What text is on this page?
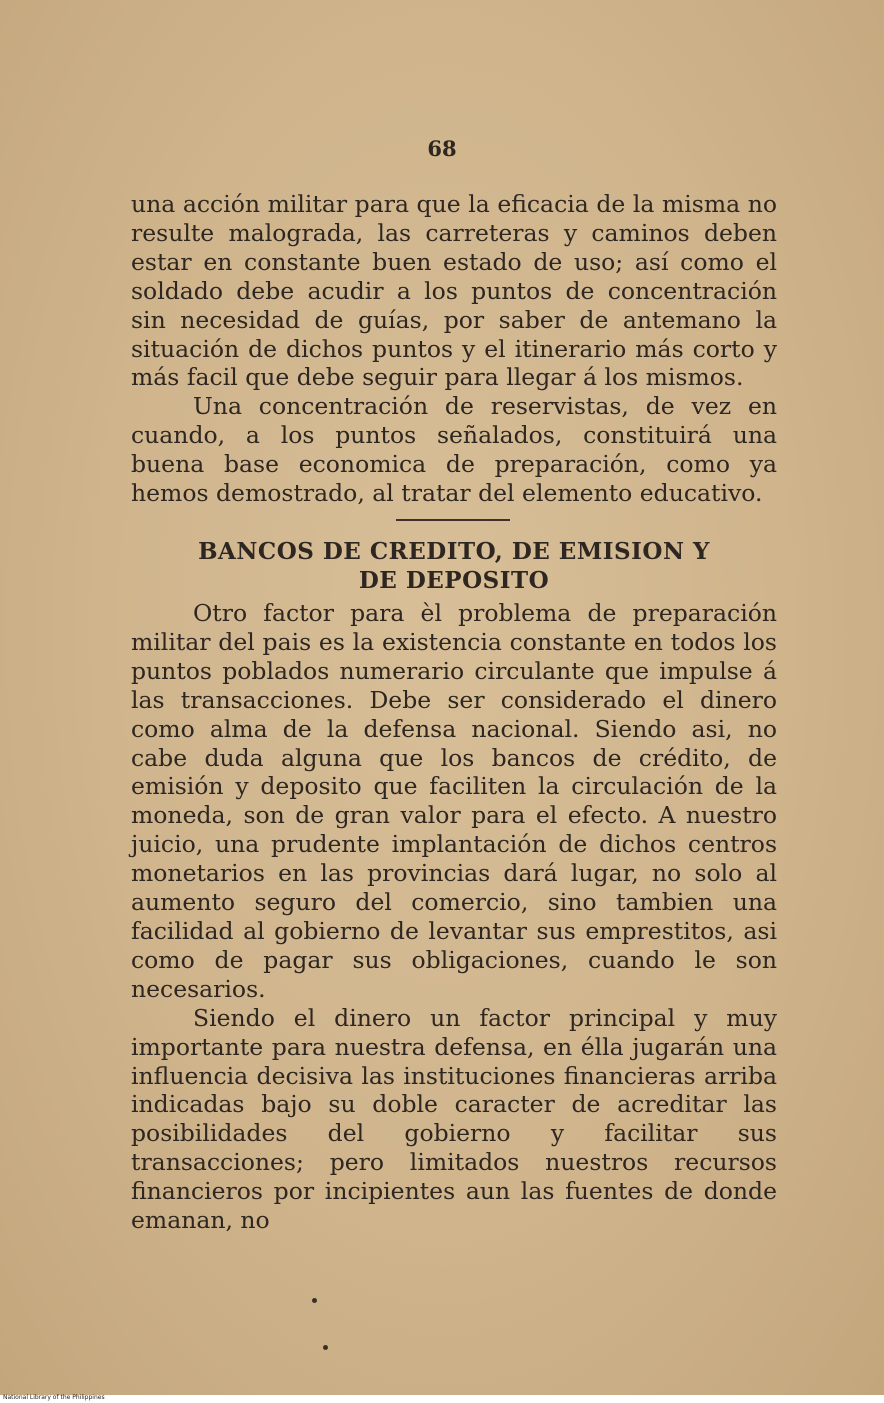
68

una acción militar para que la eficacia de la misma no resulte malograda, las carreteras y caminos deben estar en constante buen estado de uso; así como el soldado debe acudir a los puntos de concentración sin necesidad de guías, por saber de antemano la situación de dichos puntos y el itinerario más corto y más facil que debe seguir para llegar á los mismos.

Una concentración de reservistas, de vez en cuando, a los puntos señalados, constituirá una buena base economica de preparación, como ya hemos demostrado, al tratar del elemento educativo.

BANCOS DE CREDITO, DE EMISION Y
DE DEPOSITO

Otro factor para èl problema de preparación militar del pais es la existencia constante en todos los puntos poblados numerario circulante que impulse á las transacciones. Debe ser considerado el dinero como alma de la defensa nacional. Siendo asi, no cabe duda alguna que los bancos de crédito, de emisión y deposito que faciliten la circulación de la moneda, son de gran valor para el efecto. A nuestro juicio, una prudente implantación de dichos centros monetarios en las provincias dará lugar, no solo al aumento seguro del comercio, sino tambien una facilidad al gobierno de levantar sus emprestitos, asi como de pagar sus obligaciones, cuando le son necesarios.

Siendo el dinero un factor principal y muy importante para nuestra defensa, en élla jugarán una influencia decisiva las instituciones financieras arriba indicadas bajo su doble caracter de acreditar las posibilidades del gobierno y facilitar sus transacciones; pero limitados nuestros recursos financieros por incipientes aun las fuentes de donde emanan, no

National Library of the Philippines
